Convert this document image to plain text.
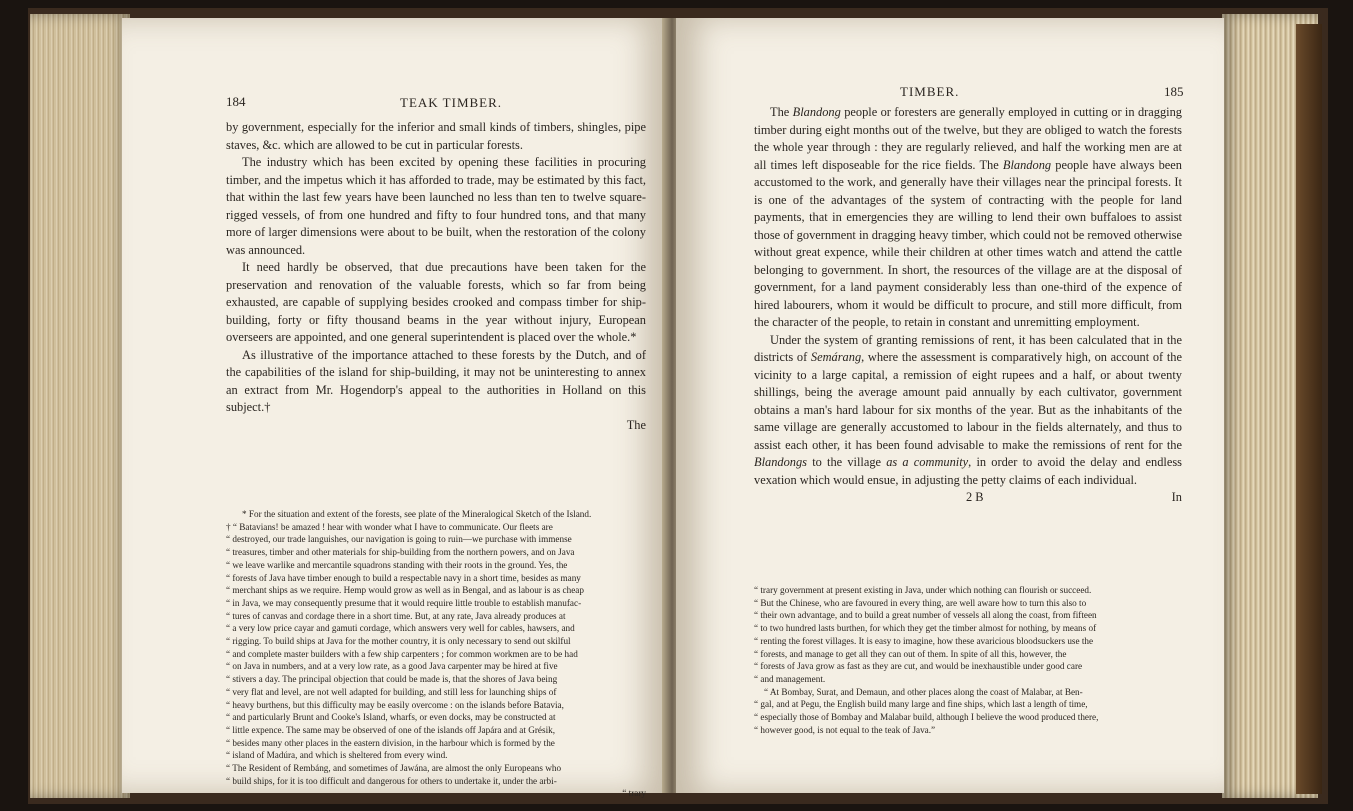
184	TEAK TIMBER.

by government, especially for the inferior and small kinds of timbers, shingles, pipe staves, &c. which are allowed to be cut in particular forests.

The industry which has been excited by opening these facilities in procuring timber, and the impetus which it has afforded to trade, may be estimated by this fact, that within the last few years have been launched no less than ten to twelve square-rigged vessels, of from one hundred and fifty to four hundred tons, and that many more of larger dimensions were about to be built, when the restoration of the colony was announced.

It need hardly be observed, that due precautions have been taken for the preservation and renovation of the valuable forests, which so far from being exhausted, are capable of supplying besides crooked and compass timber for ship-building, forty or fifty thousand beams in the year without injury, European overseers are appointed, and one general superintendent is placed over the whole.*

As illustrative of the importance attached to these forests by the Dutch, and of the capabilities of the island for ship-building, it may not be uninteresting to annex an extract from Mr. Hogendorp's appeal to the authorities in Holland on this subject.†

The

* For the situation and extent of the forests, see plate of the Mineralogical Sketch of the Island.

† “ Batavians! be amazed ! hear with wonder what I have to communicate. Our fleets are

“ destroyed, our trade languishes, our navigation is going to ruin—we purchase with immense

“ treasures, timber and other materials for ship-building from the northern powers, and on Java

“ we leave warlike and mercantile squadrons standing with their roots in the ground. Yes, the

“ forests of Java have timber enough to build a respectable navy in a short time, besides as many

“ merchant ships as we require. Hemp would grow as well as in Bengal, and as labour is as cheap

“ in Java, we may consequently presume that it would require little trouble to establish manufac-

“ tures of canvas and cordage there in a short time. But, at any rate, Java already produces at

“ a very low price cayar and gamuti cordage, which answers very well for cables, hawsers, and

“ rigging. To build ships at Java for the mother country, it is only necessary to send out skilful

“ and complete master builders with a few ship carpenters ; for common workmen are to be had

“ on Java in numbers, and at a very low rate, as a good Java carpenter may be hired at five

“ stivers a day. The principal objection that could be made is, that the shores of Java being

“ very flat and level, are not well adapted for building, and still less for launching ships of

“ heavy burthens, but this difficulty may be easily overcome : on the islands before Batavia,

“ and particularly Brunt and Cooke's Island, wharfs, or even docks, may be constructed at

“ little expence. The same may be observed of one of the islands off Japára and at Grésik,

“ besides many other places in the eastern division, in the harbour which is formed by the

“ island of Madúra, and which is sheltered from every wind.

“ The Resident of Rembáng, and sometimes of Jawána, are almost the only Europeans who

“ build ships, for it is too difficult and dangerous for others to undertake it, under the arbi-

“ trary

TIMBER.	185

The Blandong people or foresters are generally employed in cutting or in dragging timber during eight months out of the twelve, but they are obliged to watch the forests the whole year through : they are regularly relieved, and half the working men are at all times left disposeable for the rice fields. The Blandong people have always been accustomed to the work, and generally have their villages near the principal forests. It is one of the advantages of the system of contracting with the people for land payments, that in emergencies they are willing to lend their own buffaloes to assist those of government in dragging heavy timber, which could not be removed otherwise without great expence, while their children at other times watch and attend the cattle belonging to government. In short, the resources of the village are at the disposal of government, for a land payment considerably less than one-third of the expence of hired labourers, whom it would be difficult to procure, and still more difficult, from the character of the people, to retain in constant and unremitting employment.

Under the system of granting remissions of rent, it has been calculated that in the districts of Semárang, where the assessment is comparatively high, on account of the vicinity to a large capital, a remission of eight rupees and a half, or about twenty shillings, being the average amount paid annually by each cultivator, government obtains a man's hard labour for six months of the year. But as the inhabitants of the same village are generally accustomed to labour in the fields alternately, and thus to assist each other, it has been found advisable to make the remissions of rent for the Blandongs to the village as a community, in order to avoid the delay and endless vexation which would ensue, in adjusting the petty claims of each individual.

2 B	In

“ trary government at present existing in Java, under which nothing can flourish or succeed.

“ But the Chinese, who are favoured in every thing, are well aware how to turn this also to

“ their own advantage, and to build a great number of vessels all along the coast, from fifteen

“ to two hundred lasts burthen, for which they get the timber almost for nothing, by means of

“ renting the forest villages. It is easy to imagine, how these avaricious bloodsuckers use the

“ forests, and manage to get all they can out of them. In spite of all this, however, the

“ forests of Java grow as fast as they are cut, and would be inexhaustible under good care

“ and management.

“ At Bombay, Surat, and Demaun, and other places along the coast of Malabar, at Ben-

“ gal, and at Pegu, the English build many large and fine ships, which last a length of time,

“ especially those of Bombay and Malabar build, although I believe the wood produced there,

“ however good, is not equal to the teak of Java.”
